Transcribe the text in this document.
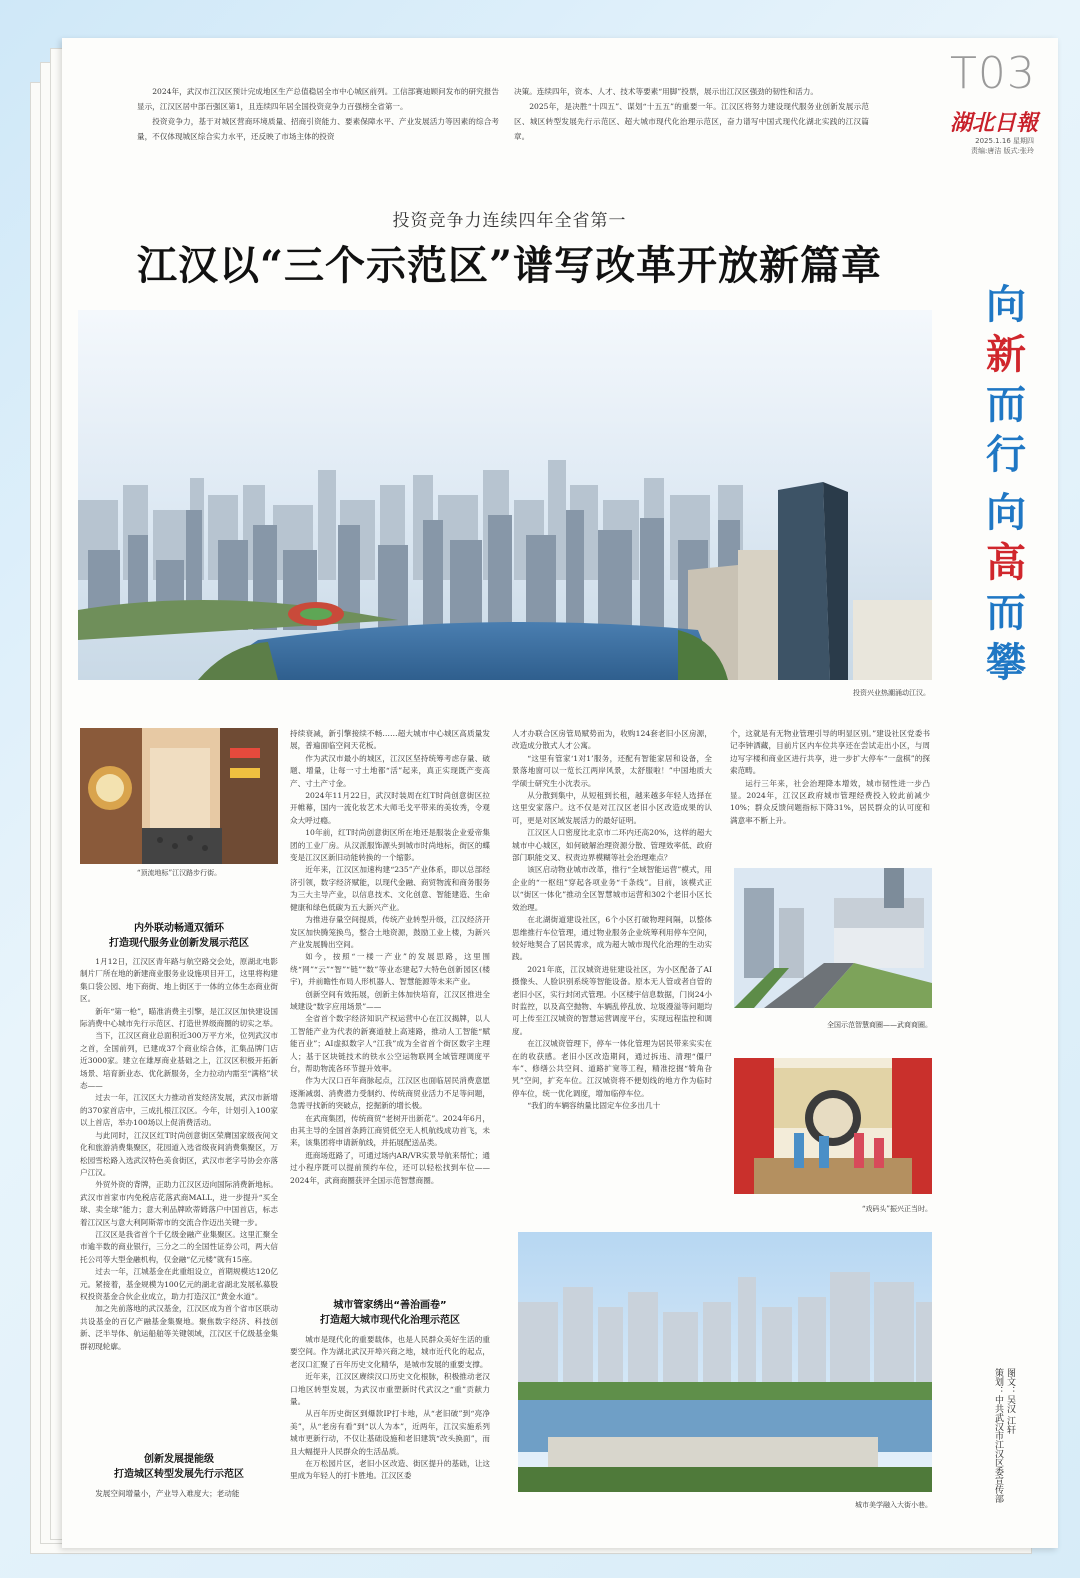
T03
湖北日報
2025.1.16 星期四
责编:唐洁 版式:张玲

2024年，武汉市江汉区预计完成地区生产总值稳居全市中心城区前列。工信部赛迪顾问发布的研究报告显示，江汉区居中部百强区第1，且连续四年居全国投资竞争力百强榜全省第一。

投资竞争力，基于对城区营商环境质量、招商引资能力、要素保障水平、产业发展活力等因素的综合考量，不仅体现城区综合实力水平，还反映了市场主体的投资

决策。连续四年，资本、人才、技术等要素“用脚”投票，展示出江汉区强劲的韧性和活力。

2025年，是决胜“十四五”、谋划“十五五”的重要一年。江汉区将努力建设现代服务业创新发展示范区、城区转型发展先行示范区、超大城市现代化治理示范区，奋力谱写中国式现代化湖北实践的江汉篇章。

投资竞争力连续四年全省第一
江汉以“三个示范区”谱写改革开放新篇章
向
新
而
行
向
高
而
攀
投资兴业热潮涌动江汉。
“顶流地标”江汉路步行街。
内外联动畅通双循环
打造现代服务业创新发展示范区

1月12日，江汉区青年路与航空路交会处，原湖北电影制片厂所在地的新建商业服务业设施项目开工，这里将构建集口袋公园、地下商街、地上街区于一体的立体生态商业街区。

新年“第一枪”，瞄准消费主引擎，是江汉区加快建设国际消费中心城市先行示范区、打造世界级商圈的切实之举。

当下，江汉区商业总面积近300万平方米，位列武汉市之首，全国前列，已建成37个商业综合体，汇集品牌门店近3000家。建立在雄厚商业基础之上，江汉区积极开拓新场景、培育新业态、优化新服务，全力拉动内需至“满格”状态——

过去一年，江汉区大力推动首发经济发展，武汉市新增的370家首店中，三成扎根江汉区。今年，计划引入100家以上首店，举办100场以上促消费活动。

与此同时，江汉区红T时尚创意街区荣膺国家级夜间文化和旅游消费集聚区，花园道入选省级夜间消费集聚区，万松园雪松路入选武汉特色美食街区，武汉市老字号协会亦落户江汉。

外贸外资的背牌，正助力江汉区迈向国际消费新地标。武汉市首家市内免税店花落武商MALL，进一步提升“买全球、卖全球”能力；意大利品牌欧蒂姆落户中国首店，标志着江汉区与意大利阿斯蒂市的交流合作迈出关键一步。

江汉区是我省首个千亿级金融产业集聚区。这里汇聚全市逾半数的商业银行，三分之二的全国性证券公司，两大信托公司等大型金融机构，仅金融“亿元楼”就有15座。

过去一年，江城基金在此重组设立，首期规模达120亿元。紧接着，基金规模为100亿元的湖北省湖北发展私募股权投资基金合伙企业成立，助力打造汉江“黄金水道”。

加之先前落地的武汉基金，江汉区成为首个省市区联动共设基金的百亿产融基金集聚地。聚焦数字经济、科技创新、泛半导体、航运船舶等关键领域，江汉区千亿级基金集群初现轮廓。

创新发展提能级
打造城区转型发展先行示范区

发展空间增量小，产业导入难度大；老动能

持续衰减，新引擎接续不畅……超大城市中心城区高质量发展，普遍面临空间天花板。

作为武汉市最小的城区，江汉区坚持统筹考虑存量、破题、增量，让每一寸土地都“活”起来，真正实现既产变高产、寸土产寸金。

2024年11月22日，武汉时装周在红T时尚创意街区拉开帷幕，国内一流化妆艺术大师毛戈平带来的美妆秀，令观众大呼过瘾。

10年前，红T时尚创意街区所在地还是服装企业爱帝集团的工业厂房。从汉派服饰源头到城市时尚地标，街区的蝶变是江汉区新旧动能转换的一个缩影。

近年来，江汉区加速构建“235”产业体系，即以总部经济引领，数字经济赋能，以现代金融、商贸物流和商务服务为三大主导产业，以信息技术、文化创意、智能建造、生命健康和绿色低碳为五大新兴产业。

为推进存量空间提质，传统产业转型升级，江汉经济开发区加快腾笼换鸟，整合土地资源，鼓励工业上楼，为新兴产业发展腾出空间。

如今，按照“一楼一产业”的发展思路，这里围绕“网”“云”“智”“链”“数”等业态建起7大特色创新园区(楼宇)，并前瞻性布局人形机器人、智慧能源等未来产业。

创新空间有效拓展，创新主体加快培育，江汉区推进全域建设“数字应用场景”——

全省首个数字经济知识产权运营中心在江汉揭牌，以人工智能产业为代表的新赛道驶上高速路，推动人工智能“赋能百业”；AI虚拟数字人“江我”成为全省首个街区数字主理人；基于区块链技术的铁水公空运物联网全域管理调度平台，帮助物流各环节提升效率。

作为大汉口百年商脉起点，江汉区也面临居民消费意愿逐渐减弱、消费潜力受制约、传统商贸业活力不足等问题，急需寻找新的突破点，挖掘新的增长极。

在武商集团，传统商贸“老树开出新花”。2024年6月，由其主导的全国首条跨江商贸低空无人机航线成功首飞，未来，该集团将申请新航线，并拓展配送品类。

逛商场逛路了，可通过场内AR/VR实景导航来帮忙；通过小程序既可以提前预约车位，还可以轻松找到车位——2024年，武商商圈获评全国示范智慧商圈。

城市管家绣出“善治画卷”
打造超大城市现代化治理示范区

城市是现代化的重要载体，也是人民群众美好生活的重要空间。作为湖北武汉开埠兴商之地，城市近代化的起点，老汉口汇聚了百年历史文化精华，是城市发展的重要支撑。

近年来，江汉区赓续汉口历史文化根脉，积极推动老汉口地区转型发展，为武汉市重塑新时代武汉之“重”贡献力量。

从百年历史街区到爆款IP打卡地，从“老旧破”到“亮净美”，从“老房有看”到“以人为本”，近两年，江汉实施系列城市更新行动，不仅让基础设施和老旧建筑“改头换面”，而且大幅提升人民群众的生活品质。

在万松园片区，老旧小区改造、街区提升的基础，让这里成为年轻人的打卡胜地。江汉区委

人才办联合区房管局赋势而为，收购124套老旧小区房源，改造成分散式人才公寓。

“这里有管家‘1对1’服务，还配有智能家居和设备，全景落地窗可以一览长江两岸风景，太舒服啦！”中国地质大学硕士研究生小沈表示。

从分散到集中，从短租到长租，越来越多年轻人选择在这里安家落户。这不仅是对江汉区老旧小区改造成果的认可，更是对区域发展活力的最好证明。

江汉区人口密度比北京市二环内还高20%，这样的超大城市中心城区，如何破解治理资源分散、管理效率低、政府部门职能交叉、权责边界模糊等社会治理难点？

该区启动物业城市改革，推行“全域智能运营”模式，用企业的“一枢纽”穿起各项业务“千条线”。目前，该模式正以“街区一体化”推动全区智慧城市运营和302个老旧小区长效治理。

在北湖街道建设社区，6个小区打破物理间隔，以整体思维推行车位管理，通过物业服务企业统筹利用停车空间，较好地契合了居民需求，成为超大城市现代化治理的生动实践。

2021年底，江汉城资进驻建设社区，为小区配备了AI摄像头、人脸识别系统等智能设备。原本无人管或者自管的老旧小区，实行封闭式管理。小区楼宇信息数据，门岗24小时监控，以及高空抛物、车辆乱停乱放、垃圾漫溢等问题均可上传至江汉城资的智慧运营调度平台，实现远程监控和调度。

在江汉城资管理下，停车一体化管理为居民带来实实在在的收获感。老旧小区改造期间，通过拆违、清理“僵尸车”、修缮公共空间、道路扩宽等工程，精准挖掘“犄角旮旯”空间，扩充车位。江汉城资将不便划线的地方作为临时停车位，统一优化调度，增加临停车位。

“我们的车辆容纳量比固定车位多出几十

个，这就是有无物业管理引导的明显区别。”建设社区党委书记李钟洒藏，目前片区内车位共享还在尝试走出小区，与周边写字楼和商业区进行共享，进一步扩大停车“一盘棋”的探索范畴。

运行三年来，社会治理降本增效，城市韧性进一步凸显。2024年，江汉区政府城市管理经费投入较此前减少10%；群众反馈问题指标下降31%，居民群众的认可度和满意率不断上升。

全国示范智慧商圈——武商商圈。
“戏码头”振兴正当时。
城市美学融入大街小巷。
图文：吴汉 江轩
策划：中共武汉市江汉区委宣传部
